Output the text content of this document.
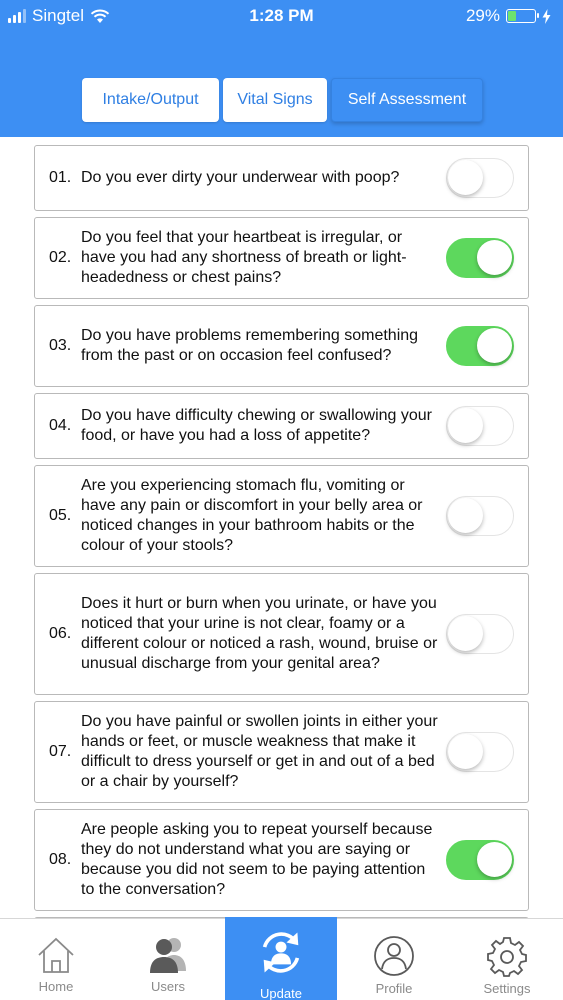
Singtel	1:28 PM	29%
Intake/Output	Vital Signs	Self Assessment
01. Do you ever dirty your underwear with poop?
02.
Do you feel that your heartbeat is irregular, or have you had any shortness of breath or light-headedness or chest pains?
03.
Do you have problems remembering something from the past or on occasion feel confused?
04.
Do you have difficulty chewing or swallowing your food, or have you had a loss of appetite?
05.
Are you experiencing stomach flu, vomiting or have any pain or discomfort in your belly area or noticed changes in your bathroom habits or the colour of your stools?
06.
Does it hurt or burn when you urinate, or have you noticed that your urine is not clear, foamy or a different colour or noticed a rash, wound, bruise or unusual discharge from your genital area?
07.
Do you have painful or swollen joints in either your hands or feet, or muscle weakness that make it difficult to dress yourself or get in and out of a bed or a chair by yourself?
08.
Are people asking you to repeat yourself because they do not understand what you are saying or because you did not seem to be paying attention to the conversation?
Home	Users	Update	Profile	Settings
